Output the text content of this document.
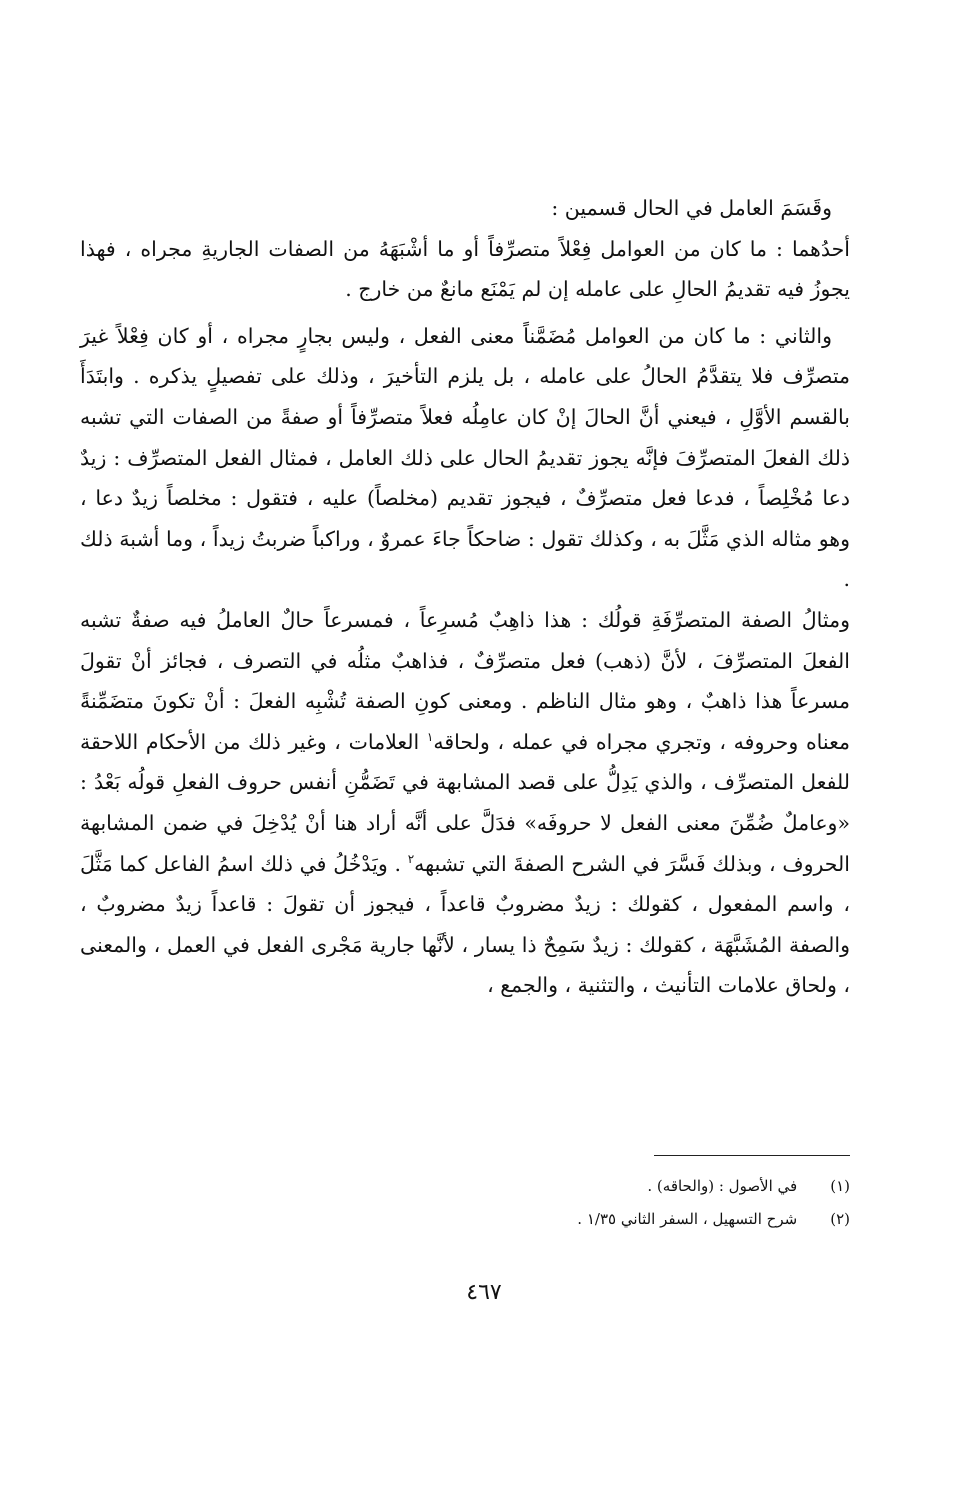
وقَسَمَ العامل في الحال قسمين :

أحدُهما : ما كان من العوامل فِعْلاً متصرِّفاً أو ما أشْبَهَهُ من الصفات الجاريةِ مجراه ، فهذا يجوزُ فيه تقديمُ الحالِ على عامله إن لم يَمْنَع مانعٌ من خارج .

والثاني : ما كان من العوامل مُضَمَّناً معنى الفعل ، وليس بجارٍ مجراه ، أو كان فِعْلاً غيرَ متصرِّف فلا يتقدَّمُ الحالُ على عامله ، بل يلزم التأخيرَ ، وذلك على تفصيلٍ يذكره . وابتَدَأَ بالقسم الأوَّلِ ، فيعني أنَّ الحالَ إنْ كان عامِلُه فعلاً متصرِّفاً أو صفةً من الصفات التي تشبه ذلك الفعلَ المتصرِّفَ فإنَّه يجوز تقديمُ الحال على ذلك العامل ، فمثال الفعل المتصرِّف : زيدٌ دعا مُخْلِصاً ، فدعا فعل متصرِّفٌ ، فيجوز تقديم (مخلصاً) عليه ، فتقول : مخلصاً زيدٌ دعا ، وهو مثاله الذي مَثَّلَ به ، وكذلك تقول : ضاحكاً جاءَ عمروٌ ، وراكباً ضربتُ زيداً ، وما أشبهَ ذلك .

ومثالُ الصفة المتصرِّفَةِ قولُك : هذا ذاهِبٌ مُسرِعاً ، فمسرعاً حالٌ العاملُ فيه صفةٌ تشبه الفعلَ المتصرِّفَ ، لأنَّ (ذهب) فعل متصرِّفٌ ، فذاهبٌ مثلُه في التصرف ، فجائز أنْ تقولَ مسرعاً هذا ذاهبٌ ، وهو مثال الناظم . ومعنى كونِ الصفة تُشْبِه الفعلَ : أنْ تكونَ متضَمِّنةً معناه وحروفه ، وتجري مجراه في عمله ، ولحاقه$^١$ العلامات ، وغير ذلك من الأحكام اللاحقة للفعل المتصرِّف ، والذي يَدِلُّ على قصد المشابهة في تَضَمُّنِ أنفس حروف الفعلِ قولُه بَعْدُ : «وعاملٌ ضُمِّنَ معنى الفعل لا حروفَه» فدَلَّ على أنَّه أراد هنا أنْ يُدْخِلَ في ضمن المشابهة الحروف ، وبذلك فَسَّرَ في الشرح الصفةَ التي تشبهه$^٢$ . ويَدْخُلُ في ذلك اسمُ الفاعل كما مَثَّلَ ، واسم المفعول ، كقولك : زيدٌ مضروبٌ قاعداً ، فيجوز أن تقولَ : قاعداً زيدٌ مضروبٌ ، والصفة المُشَبَّهَة ، كقولك : زيدٌ سَمِحٌ ذا يسار ، لأنَّها جارية مَجْرى الفعل في العمل ، والمعنى ، ولحاق علامات التأنيث ، والتثنية ، والجمع ،

(١) في الأصول : (والحاقه) .
(٢) شرح التسهيل ، السفر الثاني ١/٣٥ .
٤٦٧
